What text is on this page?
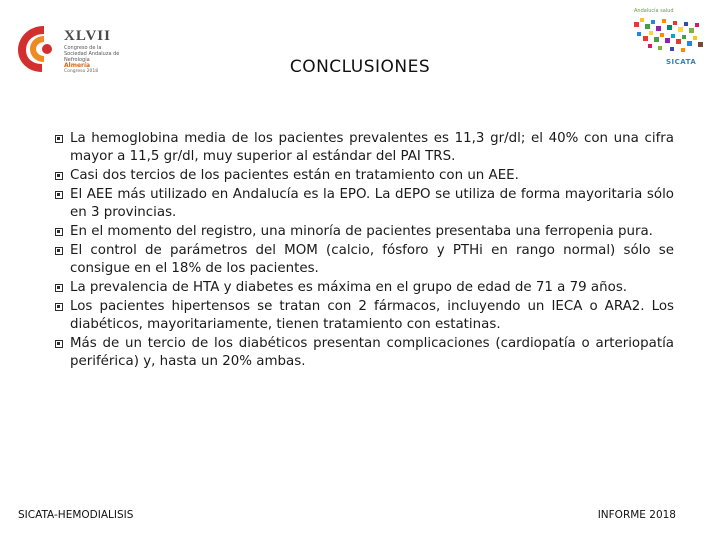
XLVII
Congreso de la Sociedad Andaluza de Nefrología
Almería
Congreso 2018
Andalucía salud
SICATA
CONCLUSIONES
La hemoglobina media de los pacientes prevalentes es 11,3 gr/dl; el 40% con una cifra mayor a 11,5 gr/dl, muy superior al estándar del PAI TRS.
Casi dos tercios de los pacientes están en tratamiento con un AEE.
El AEE más utilizado en Andalucía es la EPO. La dEPO se utiliza de forma mayoritaria sólo en 3 provincias.
En el momento del registro, una minoría de pacientes presentaba una ferropenia pura.
El control de parámetros del MOM (calcio, fósforo y PTHi en rango normal) sólo se consigue en el 18% de los pacientes.
La prevalencia de HTA y diabetes es máxima en el grupo de edad de 71 a 79 años.
Los pacientes hipertensos se tratan con 2 fármacos, incluyendo un IECA o ARA2. Los diabéticos, mayoritariamente, tienen tratamiento con estatinas.
Más de un tercio de los diabéticos presentan complicaciones (cardiopatía o arteriopatía periférica) y, hasta un 20% ambas.
SICATA-HEMODIALISIS	INFORME 2018
